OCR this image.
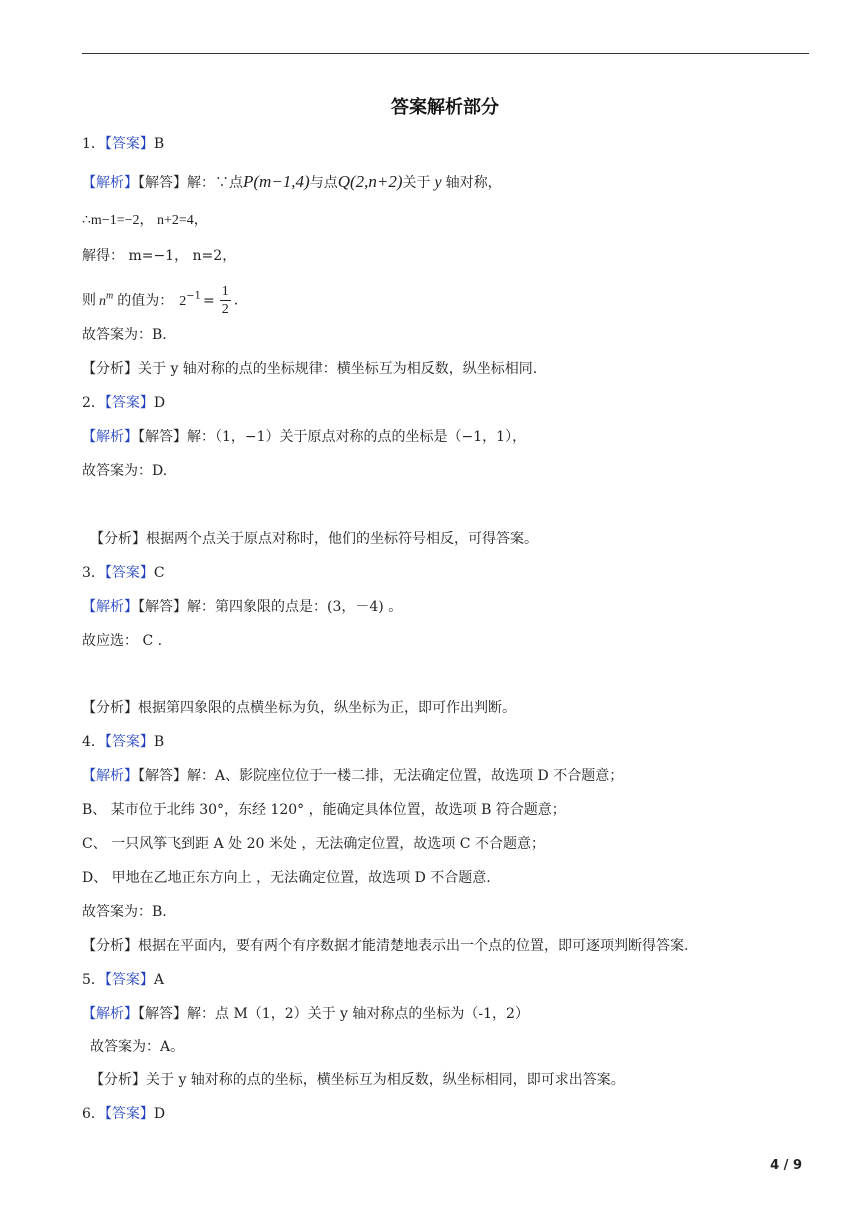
答案解析部分
1．【答案】B
【解析】【解答】解：∵点P(m−1,4)与点Q(2,n+2)关于 y 轴对称，
∴m−1=−2， n+2=4，
解得： m=−1， n=2，
则 $n^m$ 的值为： $2^{-1} = \frac{1}{2}$ .
故答案为：B.
【分析】关于 y 轴对称的点的坐标规律：横坐标互为相反数，纵坐标相同.
2．【答案】D
【解析】【解答】解：（1，−1）关于原点对称的点的坐标是（−1，1），
故答案为：D.
【分析】根据两个点关于原点对称时，他们的坐标符号相反，可得答案。
3．【答案】C
【解析】【解答】解：第四象限的点是：(3，－4) 。
故应选： C .
【分析】根据第四象限的点横坐标为负，纵坐标为正，即可作出判断。
4．【答案】B
【解析】【解答】解：A、影院座位位于一楼二排，无法确定位置，故选项 D 不合题意；
B、 某市位于北纬 30°，东经 120° ，能确定具体位置，故选项 B 符合题意；
C、 一只风筝飞到距 A 处 20 米处 ，无法确定位置，故选项 C 不合题意；
D、 甲地在乙地正东方向上 ，无法确定位置，故选项 D 不合题意.
故答案为：B.
【分析】根据在平面内，要有两个有序数据才能清楚地表示出一个点的位置，即可逐项判断得答案.
5．【答案】A
【解析】【解答】解：点 M（1，2）关于 y 轴对称点的坐标为（-1，2）
故答案为：A。
【分析】关于 y 轴对称的点的坐标，横坐标互为相反数，纵坐标相同，即可求出答案。
6．【答案】D
4 / 9
